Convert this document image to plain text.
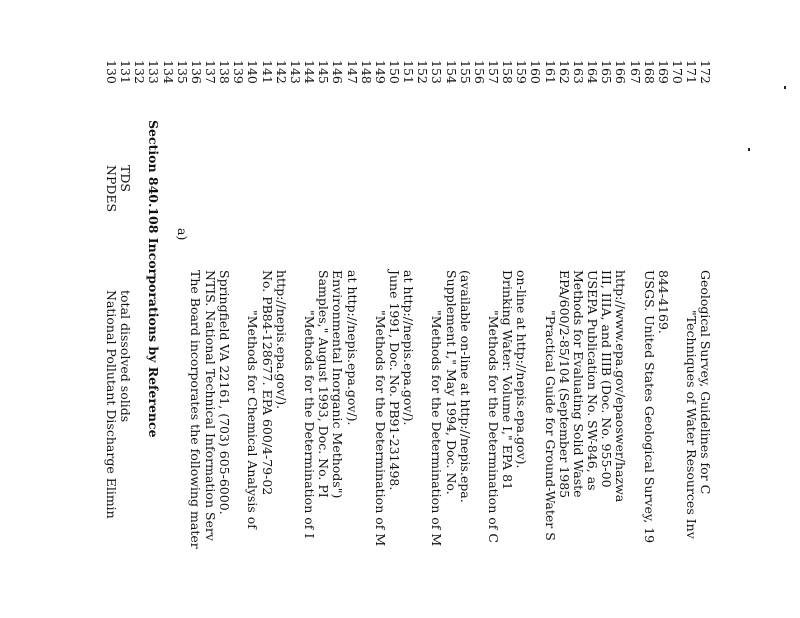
130 131 132 133 134 135 136 137 138 139 140 141 142 143 144 145 146 147 148 149 150 151 152 153 154 155 156 157 158 159 160 161 162 163 164 165 166 167 168 169 170 171 172
NPDES TDS Section 840.108 Incorporations by Reference a)
NTIS. National Technical Information Serv Springfield VA 22161, (703) 605-6000. "Methods for Chemical Analysis of No. PB84-128677. EPA 600/4-79-02 http://nepis.epa.gov/). "Methods for the Determination of I Samples," August 1993, Doc. No. PI Environmental Inorganic Methods") at http://nepis.epa.gov/). "Methods for the Determination of M June 1991, Doc. No. PB91-231498. at http://nepis.epa.gov/). "Methods for the Determination of M Supplement I," May 1994, Doc. No. (available on-line at http://nepis.epa. "Methods for the Determination of C Drinking Water: Volume I," EPA 81 on-line at http://nepis.epa.gov). "Practical Guide for Ground-Water S EPA/600/2-85/104 (September 1985 Methods for Evaluating Solid Waste USEPA Publication No. SW-846, as III, IIIA, and IIIB (Doc. No. 955-00 http://www.epa.gov/epaoswer/hazwa USGS. United States Geological Survey, 19 844-4169.
"Techniques of Water Resources Inv Geological Survey, Guidelines for C
National Pollutant Discharge Elimin total dissolved solids	The Board incorporates the following mater
